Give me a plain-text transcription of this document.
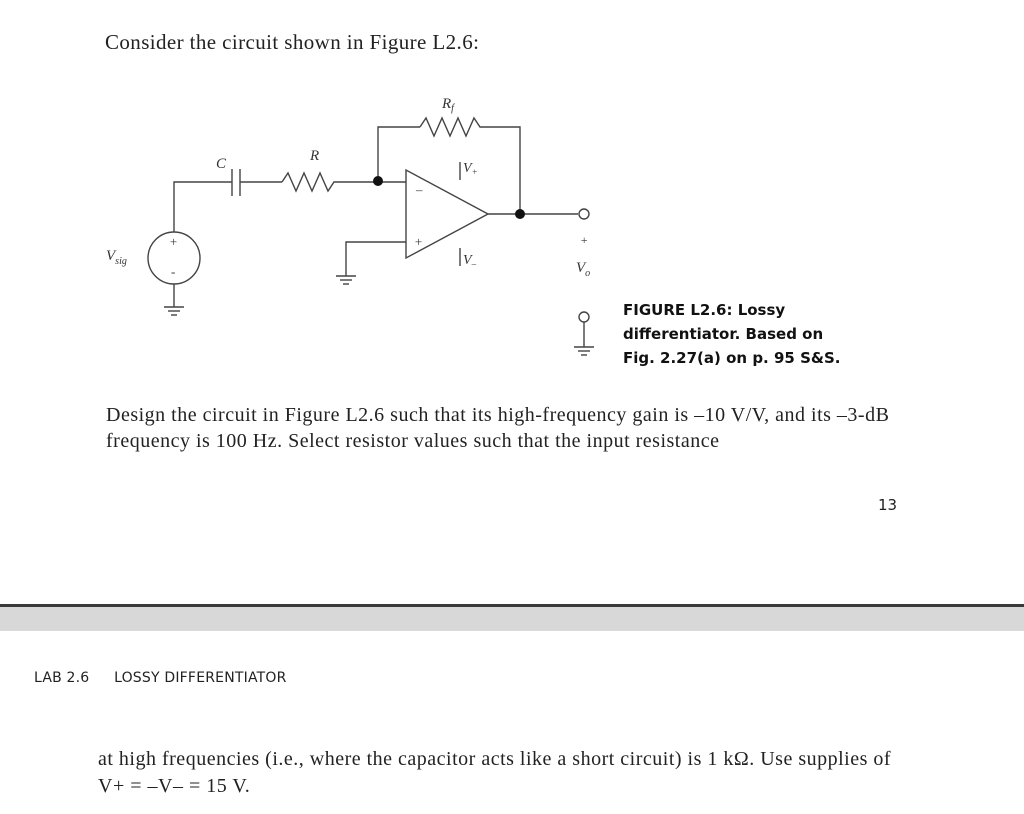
Consider the circuit shown in Figure L2.6:
$R_f$
R
C	$V_+$
$V_-$
$V_{sig}$	$V_o$
–
+
+
-
+
FIGURE L2.6: Lossy
differentiator. Based on
Fig. 2.27(a) on p. 95 S&S.
Design the circuit in Figure L2.6 such that its high-frequency gain is –10 V/V, and its –3-dB frequency is 100 Hz. Select resistor values such that the input resistance
13
LAB 2.6 LOSSY DIFFERENTIATOR
at high frequencies (i.e., where the capacitor acts like a short circuit) is 1 kΩ. Use supplies of V+ = –V– = 15 V.
